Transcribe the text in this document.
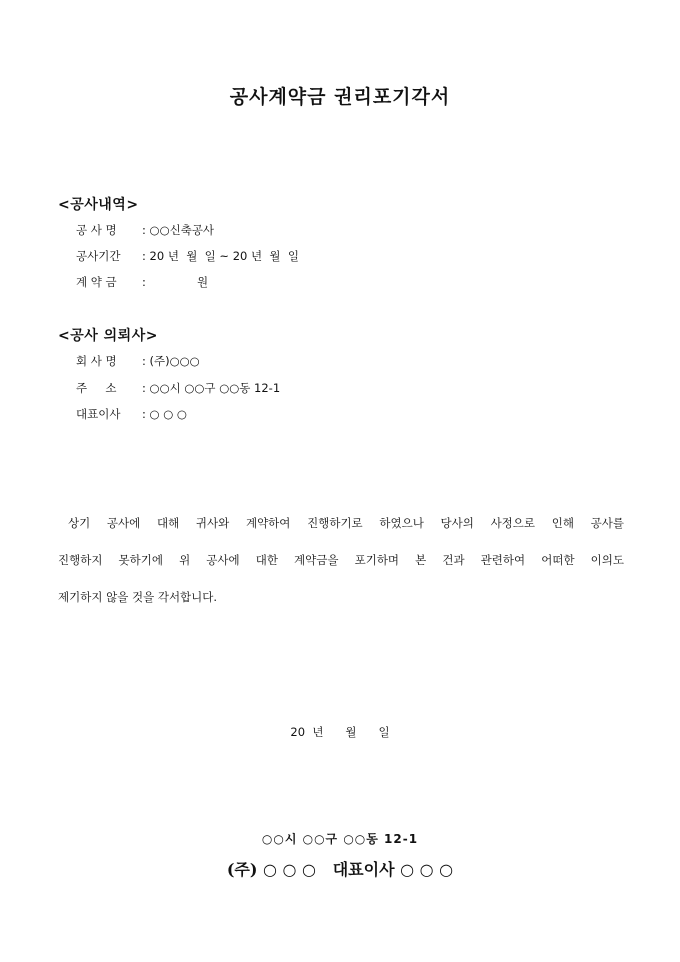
공사계약금 권리포기각서
<공사내역>
공 사 명 : ○○신축공사
공사기간 : 20 년  월  일 ~ 20 년  월  일
계 약 금 :              원
<공사 의뢰사>
회 사 명 : (주)○○○
주     소 : ○○시 ○○구 ○○동 12-1
대표이사 : ○ ○ ○
상기 공사에 대해 귀사와 계약하여 진행하기로 하였으나 당사의 사정으로 인해 공사를
진행하지 못하기에 위 공사에 대한 계약금을 포기하며 본 건과 관련하여 어떠한 이의도
제기하지 않을 것을 각서합니다.
20  년      월      일
○○시 ○○구 ○○동 12-1
(주) ○ ○ ○   대표이사 ○ ○ ○
